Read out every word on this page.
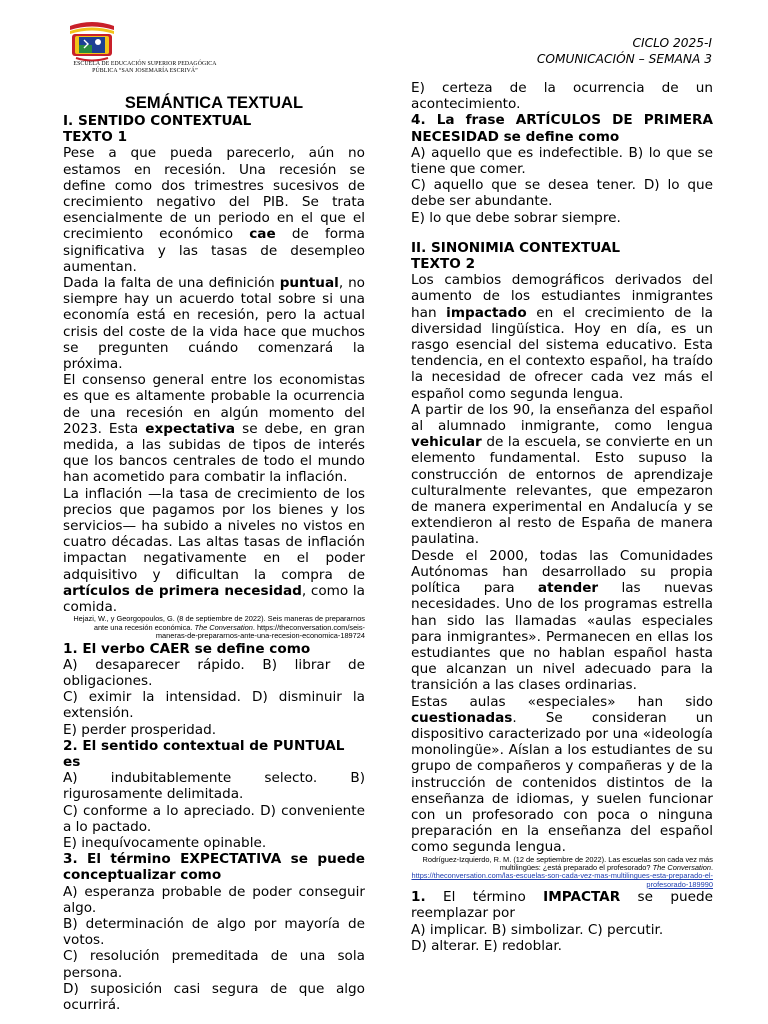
ESCUELA DE EDUCACIÓN SUPERIOR PEDAGÓGICA
PÚBLICA “SAN JOSEMARÍA ESCRIVÁ”
CICLO 2025-I
COMUNICACIÓN – SEMANA 3

SEMÁNTICA TEXTUAL

I. SENTIDO CONTEXTUAL

TEXTO 1

Pese a que pueda parecerlo, aún no estamos en recesión. Una recesión se define como dos trimestres sucesivos de crecimiento negativo del PIB. Se trata esencialmente de un periodo en el que el crecimiento económico cae de forma significativa y las tasas de desempleo aumentan.

Dada la falta de una definición puntual, no siempre hay un acuerdo total sobre si una economía está en recesión, pero la actual crisis del coste de la vida hace que muchos se pregunten cuándo comenzará la próxima.

El consenso general entre los economistas es que es altamente probable la ocurrencia de una recesión en algún momento del 2023. Esta expectativa se debe, en gran medida, a las subidas de tipos de interés que los bancos centrales de todo el mundo han acometido para combatir la inflación.

La inflación —la tasa de crecimiento de los precios que pagamos por los bienes y los servicios— ha subido a niveles no vistos en cuatro décadas. Las altas tasas de inflación impactan negativamente en el poder adquisitivo y dificultan la compra de artículos de primera necesidad, como la comida.

Hejazi, W., y Georgopoulos, G. (8 de septiembre de 2022). Seis maneras de prepararnos ante una recesión económica. The Conversation. https://theconversation.com/seis-maneras-de-prepararnos-ante-una-recesion-economica-189724

1. El verbo CAER se define como

A) desaparecer rápido. B) librar de obligaciones.

C) eximir la intensidad. D) disminuir la extensión.

E) perder prosperidad.

2. El sentido contextual de PUNTUAL es

A) indubitablemente selecto. B) rigurosamente delimitada.

C) conforme a lo apreciado. D) conveniente a lo pactado.

E) inequívocamente opinable.

3. El término EXPECTATIVA se puede conceptualizar como

A) esperanza probable de poder conseguir algo.

B) determinación de algo por mayoría de votos.

C) resolución premeditada de una sola persona.

D) suposición casi segura de que algo ocurrirá.

E) certeza de la ocurrencia de un acontecimiento.

4. La frase ARTÍCULOS DE PRIMERA NECESIDAD se define como

A) aquello que es indefectible. B) lo que se tiene que comer.

C) aquello que se desea tener. D) lo que debe ser abundante.

E) lo que debe sobrar siempre.

II. SINONIMIA CONTEXTUAL

TEXTO 2

Los cambios demográficos derivados del aumento de los estudiantes inmigrantes han impactado en el crecimiento de la diversidad lingüística. Hoy en día, es un rasgo esencial del sistema educativo. Esta tendencia, en el contexto español, ha traído la necesidad de ofrecer cada vez más el español como segunda lengua.

A partir de los 90, la enseñanza del español al alumnado inmigrante, como lengua vehicular de la escuela, se convierte en un elemento fundamental. Esto supuso la construcción de entornos de aprendizaje culturalmente relevantes, que empezaron de manera experimental en Andalucía y se extendieron al resto de España de manera paulatina.

Desde el 2000, todas las Comunidades Autónomas han desarrollado su propia política para atender las nuevas necesidades. Uno de los programas estrella han sido las llamadas «aulas especiales para inmigrantes». Permanecen en ellas los estudiantes que no hablan español hasta que alcanzan un nivel adecuado para la transición a las clases ordinarias.

Estas aulas «especiales» han sido cuestionadas. Se consideran un dispositivo caracterizado por una «ideología monolingüe». Aíslan a los estudiantes de su grupo de compañeros y compañeras y de la instrucción de contenidos distintos de la enseñanza de idiomas, y suelen funcionar con un profesorado con poca o ninguna preparación en la enseñanza del español como segunda lengua.

Rodríguez-Izquierdo, R. M. (12 de septiembre de 2022). Las escuelas son cada vez más multilingües: ¿está preparado el profesorado? The Conversation. https://theconversation.com/las-escuelas-son-cada-vez-mas-multilingues-esta-preparado-el-profesorado-189990

1. El término IMPACTAR se puede reemplazar por

A) implicar. B) simbolizar. C) percutir.

D) alterar. E) redoblar.
